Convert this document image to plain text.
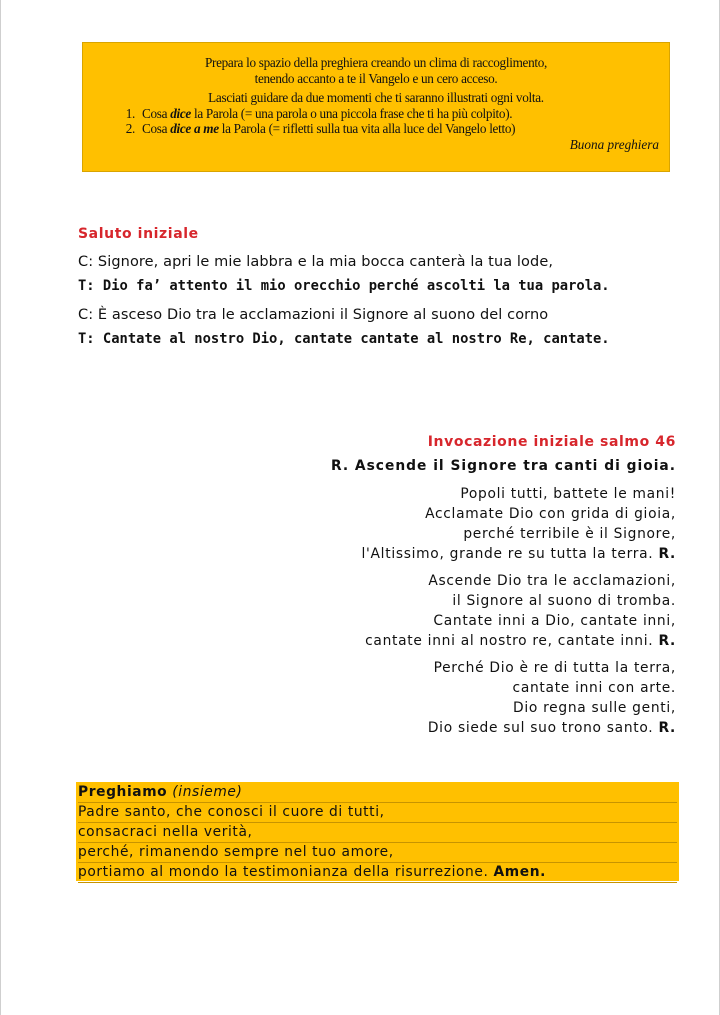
Prepara lo spazio della preghiera creando un clima di raccoglimento,
tenendo accanto a te il Vangelo e un cero acceso.
Lasciati guidare da due momenti che ti saranno illustrati ogni volta.
1. Cosa dice la Parola (= una parola o una piccola frase che ti ha più colpito).
2. Cosa dice a me la Parola (= rifletti sulla tua vita alla luce del Vangelo letto)
Buona preghiera
Saluto iniziale

C: Signore, apri le mie labbra e la mia bocca canterà la tua lode,

T: Dio fa’ attento il mio orecchio perché ascolti la tua parola.

C: È asceso Dio tra le acclamazioni il Signore al suono del corno

T: Cantate al nostro Dio, cantate cantate al nostro Re, cantate.

Invocazione iniziale salmo 46
R. Ascende il Signore tra canti di gioia.
Popoli tutti, battete le mani!
Acclamate Dio con grida di gioia,
perché terribile è il Signore,
l'Altissimo, grande re su tutta la terra. R.
Ascende Dio tra le acclamazioni,
il Signore al suono di tromba.
Cantate inni a Dio, cantate inni,
cantate inni al nostro re, cantate inni. R.
Perché Dio è re di tutta la terra,
cantate inni con arte.
Dio regna sulle genti,
Dio siede sul suo trono santo. R.
Preghiamo (insieme)
Padre santo, che conosci il cuore di tutti,
consacraci nella verità,
perché, rimanendo sempre nel tuo amore,
portiamo al mondo la testimonianza della risurrezione. Amen.
